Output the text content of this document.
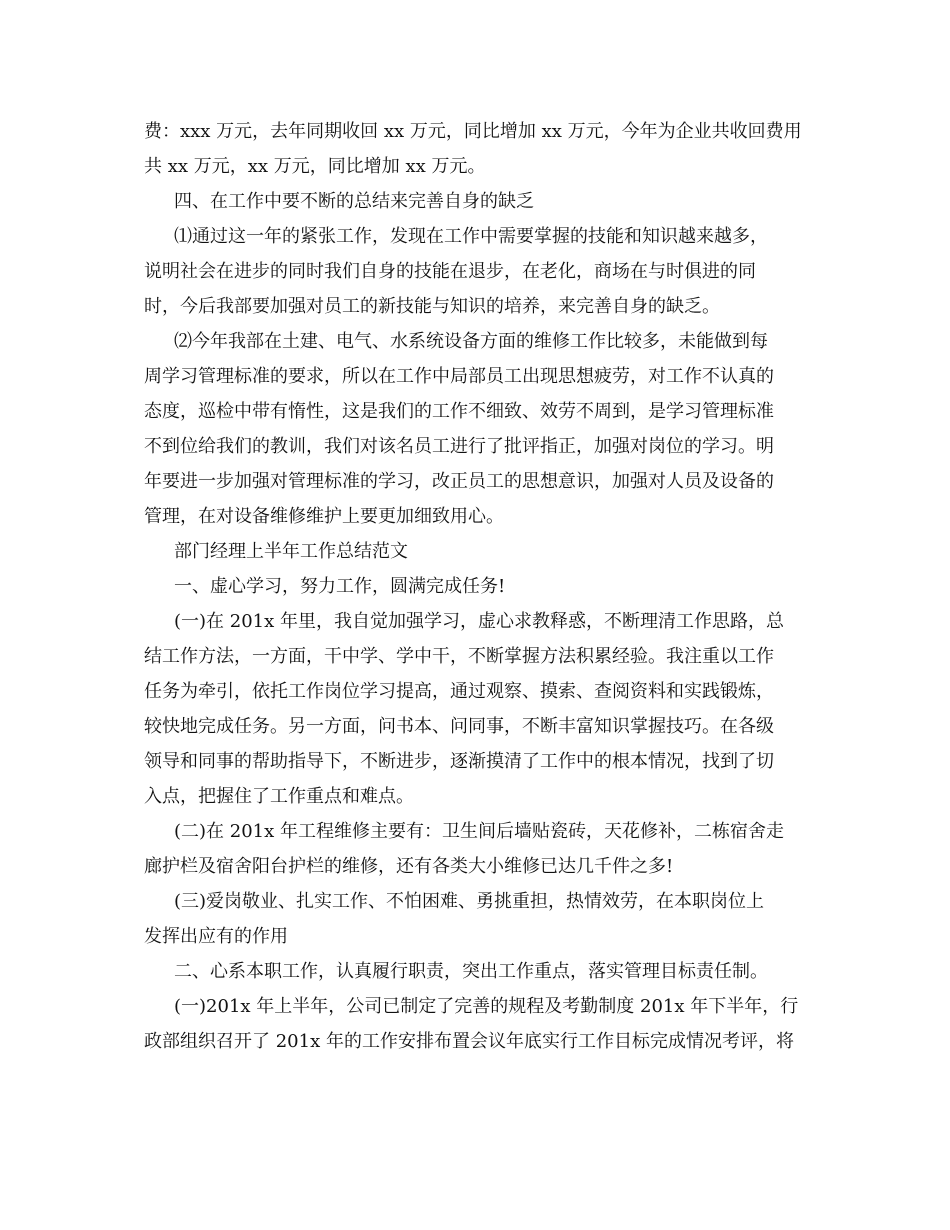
费：xxx 万元，去年同期收回 xx 万元，同比增加 xx 万元，今年为企业共收回费用

共 xx 万元，xx 万元，同比增加 xx 万元。

四、在工作中要不断的总结来完善自身的缺乏

⑴通过这一年的紧张工作，发现在工作中需要掌握的技能和知识越来越多，

说明社会在进步的同时我们自身的技能在退步，在老化，商场在与时俱进的同

时，今后我部要加强对员工的新技能与知识的培养，来完善自身的缺乏。

⑵今年我部在土建、电气、水系统设备方面的维修工作比较多，未能做到每

周学习管理标准的要求，所以在工作中局部员工出现思想疲劳，对工作不认真的

态度，巡检中带有惰性，这是我们的工作不细致、效劳不周到，是学习管理标准

不到位给我们的教训，我们对该名员工进行了批评指正，加强对岗位的学习。明

年要进一步加强对管理标准的学习，改正员工的思想意识，加强对人员及设备的

管理，在对设备维修维护上要更加细致用心。

部门经理上半年工作总结范文

一、虚心学习，努力工作，圆满完成任务!

(一)在 201x 年里，我自觉加强学习，虚心求教释惑，不断理清工作思路，总

结工作方法，一方面，干中学、学中干，不断掌握方法积累经验。我注重以工作

任务为牵引，依托工作岗位学习提高，通过观察、摸索、查阅资料和实践锻炼，

较快地完成任务。另一方面，问书本、问同事，不断丰富知识掌握技巧。在各级

领导和同事的帮助指导下，不断进步，逐渐摸清了工作中的根本情况，找到了切

入点，把握住了工作重点和难点。

(二)在 201x 年工程维修主要有：卫生间后墙贴瓷砖，天花修补，二栋宿舍走

廊护栏及宿舍阳台护栏的维修，还有各类大小维修已达几千件之多!

(三)爱岗敬业、扎实工作、不怕困难、勇挑重担，热情效劳，在本职岗位上

发挥出应有的作用

二、心系本职工作，认真履行职责，突出工作重点，落实管理目标责任制。

(一)201x 年上半年，公司已制定了完善的规程及考勤制度 201x 年下半年，行

政部组织召开了 201x 年的工作安排布置会议年底实行工作目标完成情况考评，将
